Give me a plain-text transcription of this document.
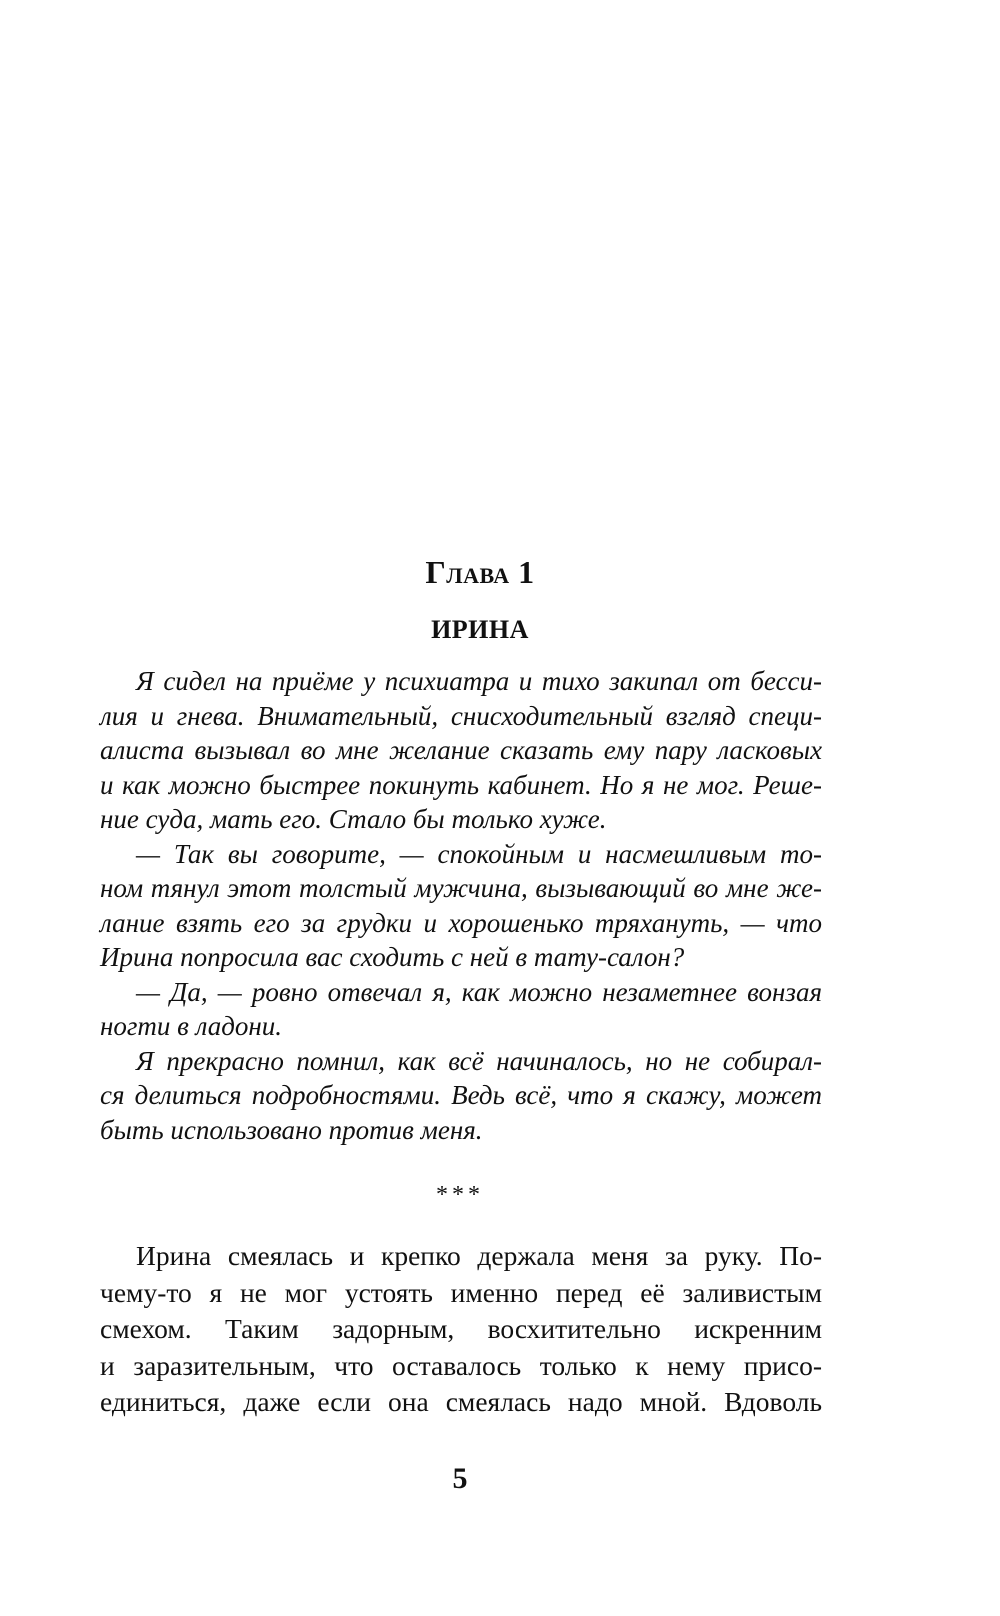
Глава 1
ИРИНА
Я сидел на приёме у психиатра и тихо закипал от бесси-
лия и гнева. Внимательный, снисходительный взгляд специ-
алиста вызывал во мне желание сказать ему пару ласковых
и как можно быстрее покинуть кабинет. Но я не мог. Реше-
ние суда, мать его. Стало бы только хуже.
— Так вы говорите, — спокойным и насмешливым то-
ном тянул этот толстый мужчина, вызывающий во мне же-
лание взять его за грудки и хорошенько тряхануть, — что
Ирина попросила вас сходить с ней в тату-салон?
— Да, — ровно отвечал я, как можно незаметнее вонзая
ногти в ладони.
Я прекрасно помнил, как всё начиналось, но не собирал-
ся делиться подробностями. Ведь всё, что я скажу, может
быть использовано против меня.
***
Ирина смеялась и крепко держала меня за руку. По-
чему-то я не мог устоять именно перед её заливистым
смехом. Таким задорным, восхитительно искренним
и заразительным, что оставалось только к нему присо-
единиться, даже если она смеялась надо мной. Вдоволь
5
